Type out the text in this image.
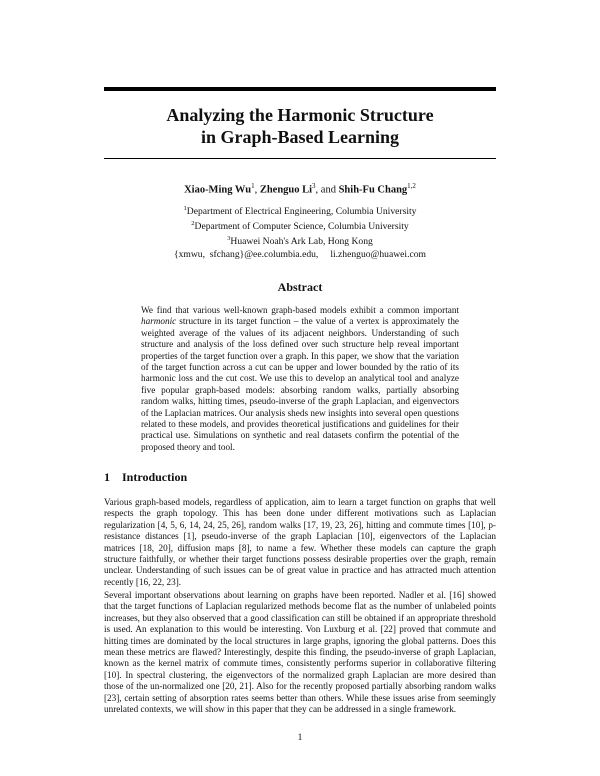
Analyzing the Harmonic Structure
in Graph-Based Learning
Xiao-Ming Wu$^1$, Zhenguo Li$^3$, and Shih-Fu Chang$^{1,2}$
$^1$Department of Electrical Engineering, Columbia University
$^2$Department of Computer Science, Columbia University
$^3$Huawei Noah's Ark Lab, Hong Kong
{xmwu,  sfchang}@ee.columbia.edu,     li.zhenguo@huawei.com
Abstract
We find that various well-known graph-based models exhibit a common important harmonic structure in its target function – the value of a vertex is approximately the weighted average of the values of its adjacent neighbors. Understanding of such structure and analysis of the loss defined over such structure help reveal important properties of the target function over a graph. In this paper, we show that the variation of the target function across a cut can be upper and lower bounded by the ratio of its harmonic loss and the cut cost. We use this to develop an analytical tool and analyze five popular graph-based models: absorbing random walks, partially absorbing random walks, hitting times, pseudo-inverse of the graph Laplacian, and eigenvectors of the Laplacian matrices. Our analysis sheds new insights into several open questions related to these models, and provides theoretical justifications and guidelines for their practical use. Simulations on synthetic and real datasets confirm the potential of the proposed theory and tool.
1 Introduction
Various graph-based models, regardless of application, aim to learn a target function on graphs that well respects the graph topology. This has been done under different motivations such as Laplacian regularization [4, 5, 6, 14, 24, 25, 26], random walks [17, 19, 23, 26], hitting and commute times [10], p-resistance distances [1], pseudo-inverse of the graph Laplacian [10], eigenvectors of the Laplacian matrices [18, 20], diffusion maps [8], to name a few. Whether these models can capture the graph structure faithfully, or whether their target functions possess desirable properties over the graph, remain unclear. Understanding of such issues can be of great value in practice and has attracted much attention recently [16, 22, 23].
Several important observations about learning on graphs have been reported. Nadler et al. [16] showed that the target functions of Laplacian regularized methods become flat as the number of unlabeled points increases, but they also observed that a good classification can still be obtained if an appropriate threshold is used. An explanation to this would be interesting. Von Luxburg et al. [22] proved that commute and hitting times are dominated by the local structures in large graphs, ignoring the global patterns. Does this mean these metrics are flawed? Interestingly, despite this finding, the pseudo-inverse of graph Laplacian, known as the kernel matrix of commute times, consistently performs superior in collaborative filtering [10]. In spectral clustering, the eigenvectors of the normalized graph Laplacian are more desired than those of the un-normalized one [20, 21]. Also for the recently proposed partially absorbing random walks [23], certain setting of absorption rates seems better than others. While these issues arise from seemingly unrelated contexts, we will show in this paper that they can be addressed in a single framework.
1
